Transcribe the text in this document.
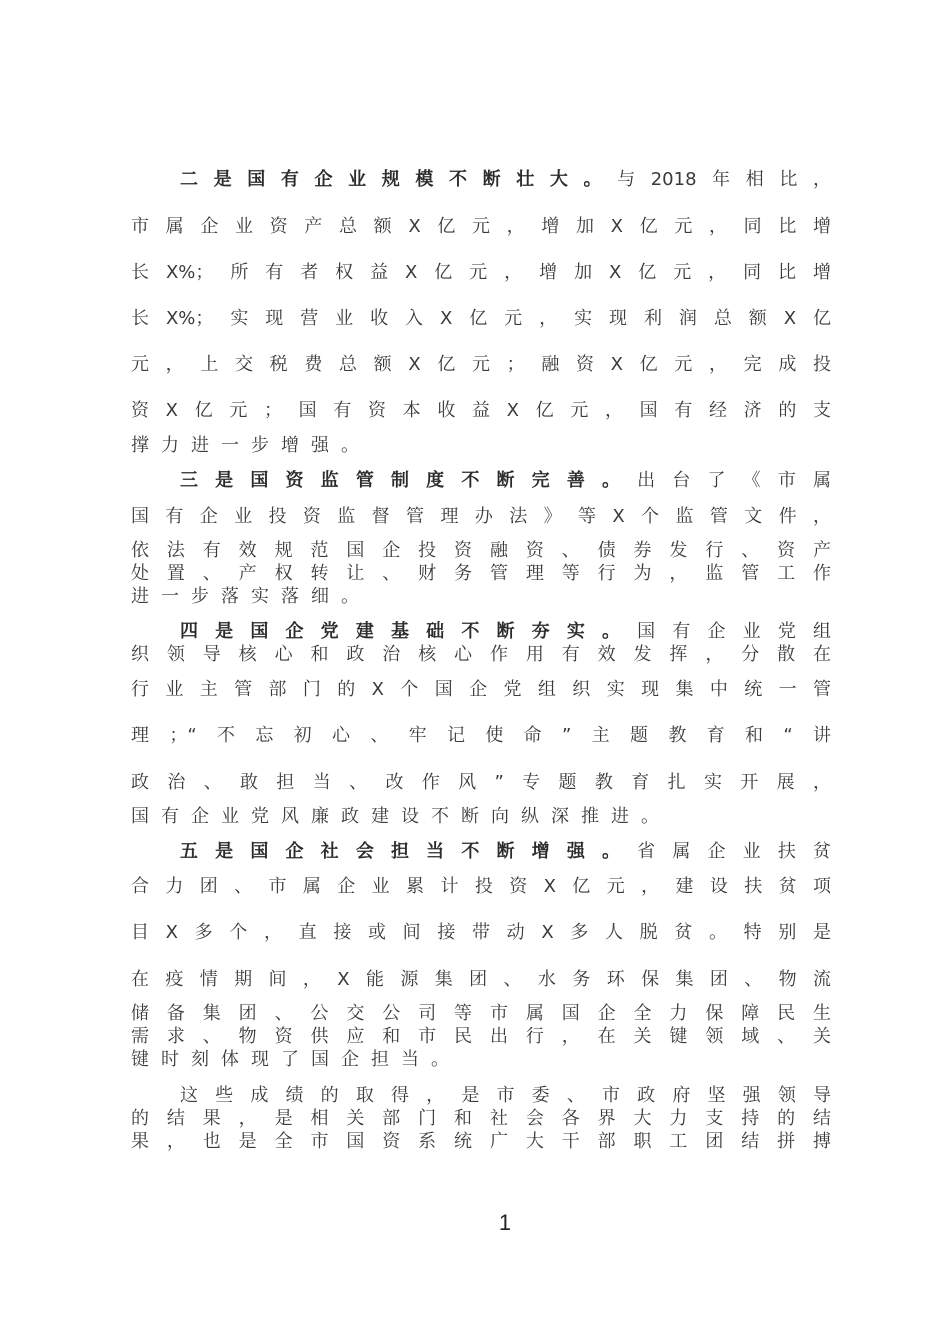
二是国有企业规模不断壮大。与2018年相比，
市属企业资产总额X亿元，增加X亿元，同比增
长X%；所有者权益X亿元，增加X亿元，同比增
长X%；实现营业收入X亿元，实现利润总额X亿
元，上交税费总额X亿元；融资X亿元，完成投
资X亿元；国有资本收益X亿元，国有经济的支
撑力进一步增强。
三是国资监管制度不断完善。出台了《市属
国有企业投资监督管理办法》等X个监管文件，
依法有效规范国企投资融资、债券发行、资产
处置、产权转让、财务管理等行为，监管工作
进一步落实落细。
四是国企党建基础不断夯实。国有企业党组
织领导核心和政治核心作用有效发挥，分散在
行业主管部门的X个国企党组织实现集中统一管
理；“不忘初心、牢记使命”主题教育和“讲
政治、敢担当、改作风”专题教育扎实开展，
国有企业党风廉政建设不断向纵深推进。
五是国企社会担当不断增强。省属企业扶贫
合力团、市属企业累计投资X亿元，建设扶贫项
目X多个，直接或间接带动X多人脱贫。特别是
在疫情期间，X能源集团、水务环保集团、物流
储备集团、公交公司等市属国企全力保障民生
需求、物资供应和市民出行，在关键领域、关
键时刻体现了国企担当。
这些成绩的取得，是市委、市政府坚强领导
的结果，是相关部门和社会各界大力支持的结
果，也是全市国资系统广大干部职工团结拼搏
1
